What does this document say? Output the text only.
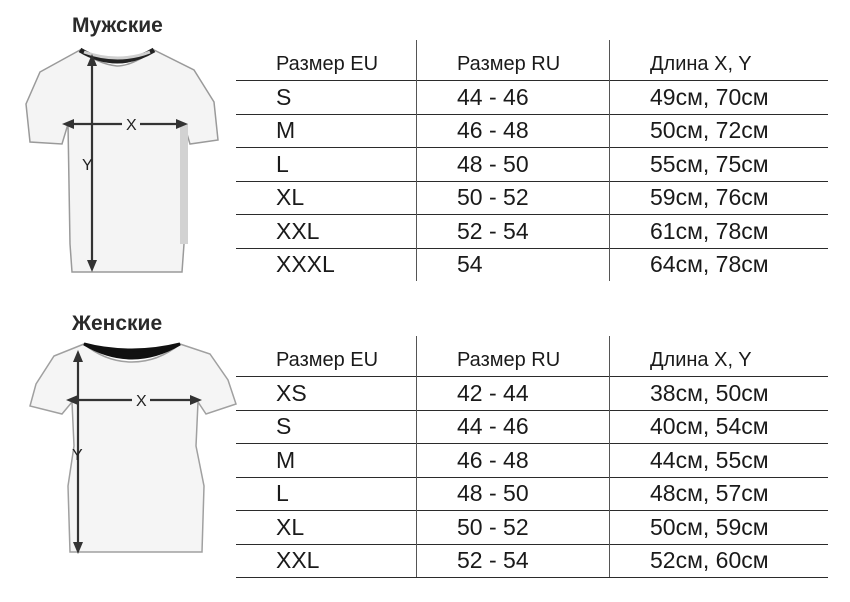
Мужские
X
Y
Размер EU	Размер RU	Длина X, Y
S	44 - 46	49см, 70см
M	46 - 48	50см, 72см
L	48 - 50	55см, 75см
XL	50 - 52	59см, 76см
XXL	52 - 54	61см, 78см
XXXL	54	64см, 78см
Женские
X
Y
Размер EU	Размер RU	Длина X, Y
XS	42 - 44	38см, 50см
S	44 - 46	40см, 54см
M	46 - 48	44см, 55см
L	48 - 50	48см, 57см
XL	50 - 52	50см, 59см
XXL	52 - 54	52см, 60см
